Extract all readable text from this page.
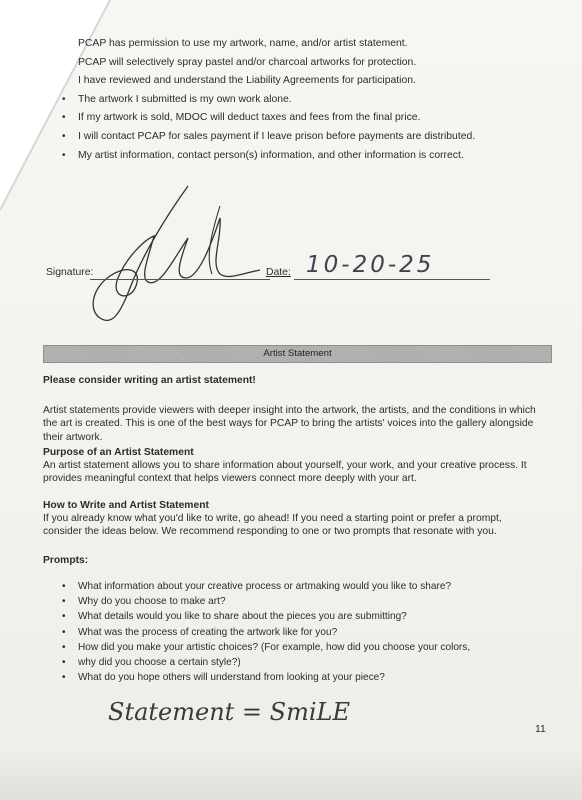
PCAP has permission to use my artwork, name, and/or artist statement.
PCAP will selectively spray pastel and/or charcoal artworks for protection.
I have reviewed and understand the Liability Agreements for participation.
• The artwork I submitted is my own work alone.
• If my artwork is sold, MDOC will deduct taxes and fees from the final price.
• I will contact PCAP for sales payment if I leave prison before payments are distributed.
• My artist information, contact person(s) information, and other information is correct.
Signature:	Date: 10-20-25
Artist Statement
Please consider writing an artist statement!
Artist statements provide viewers with deeper insight into the artwork, the artists, and the conditions in which the art is created. This is one of the best ways for PCAP to bring the artists' voices into the gallery alongside their artwork.
Purpose of an Artist Statement
An artist statement allows you to share information about yourself, your work, and your creative process. It provides meaningful context that helps viewers connect more deeply with your art.
How to Write and Artist Statement
If you already know what you'd like to write, go ahead! If you need a starting point or prefer a prompt, consider the ideas below. We recommend responding to one or two prompts that resonate with you.
Prompts:
• What information about your creative process or artmaking would you like to share?
• Why do you choose to make art?
• What details would you like to share about the pieces you are submitting?
• What was the process of creating the artwork like for you?
• How did you make your artistic choices? (For example, how did you choose your colors,
• why did you choose a certain style?)
• What do you hope others will understand from looking at your piece?
Statement = SmiLE
11
